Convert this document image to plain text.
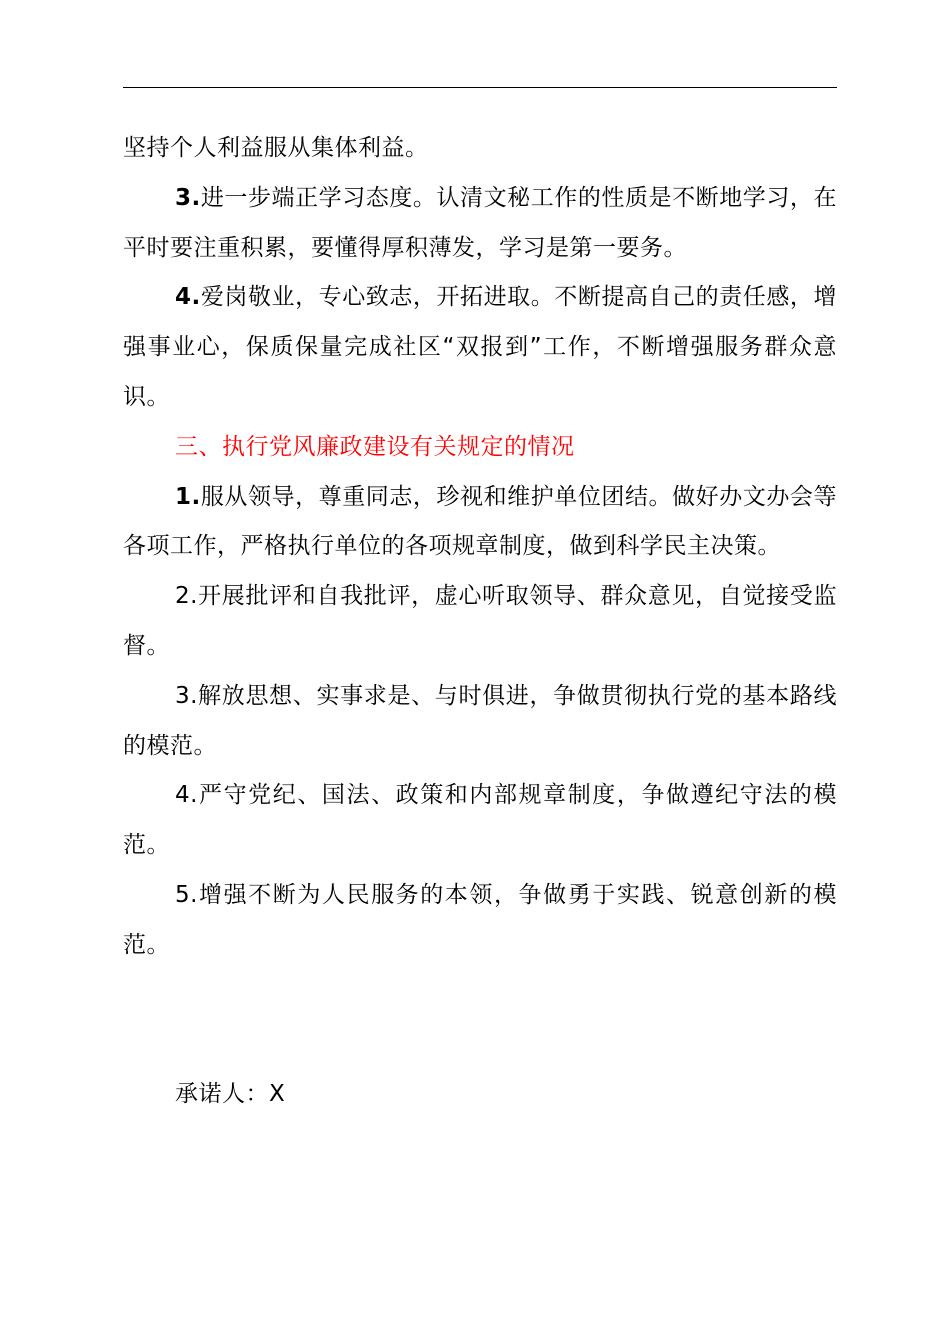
坚持个人利益服从集体利益。

3.进一步端正学习态度。认清文秘工作的性质是不断地学习，在平时要注重积累，要懂得厚积薄发，学习是第一要务。

4.爱岗敬业，专心致志，开拓进取。不断提高自己的责任感，增强事业心，保质保量完成社区“双报到”工作，不断增强服务群众意识。

三、执行党风廉政建设有关规定的情况

1.服从领导，尊重同志，珍视和维护单位团结。做好办文办会等各项工作，严格执行单位的各项规章制度，做到科学民主决策。

2.开展批评和自我批评，虚心听取领导、群众意见，自觉接受监督。

3.解放思想、实事求是、与时俱进，争做贯彻执行党的基本路线的模范。

4.严守党纪、国法、政策和内部规章制度，争做遵纪守法的模范。

5.增强不断为人民服务的本领，争做勇于实践、锐意创新的模范。

承诺人：X
